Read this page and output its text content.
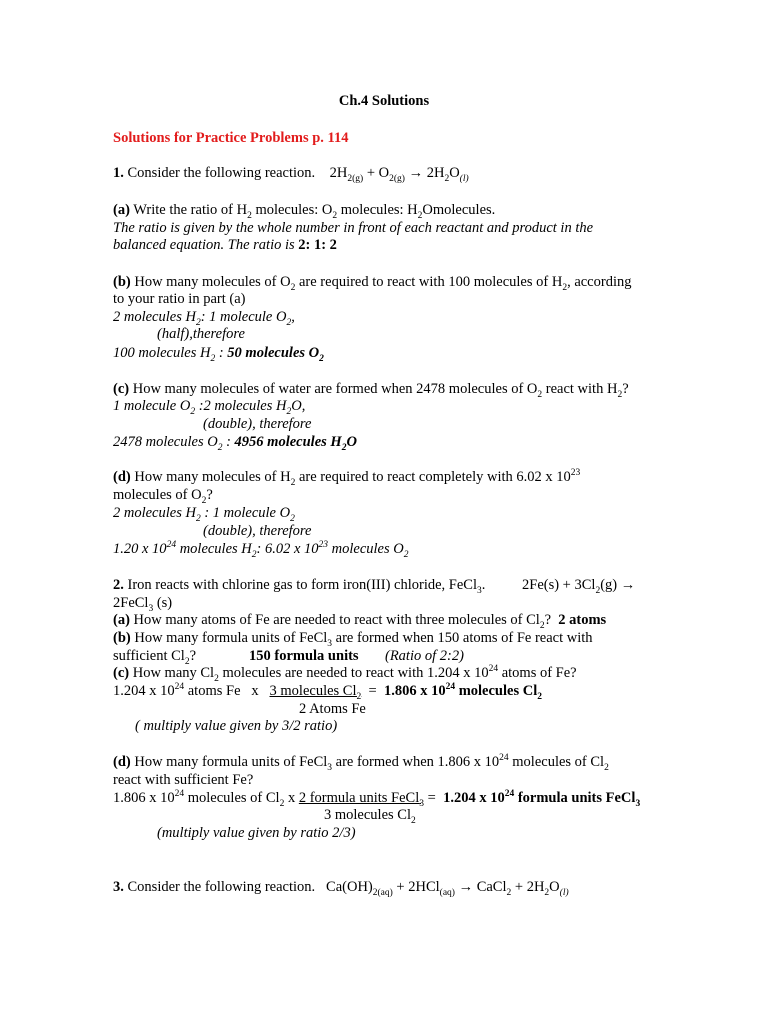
Ch.4 Solutions
Solutions for Practice Problems p. 114
1. Consider the following reaction. $2H_{2(g)} + O_{2(g)} \to 2H_2O_{(l)}$
(a) Write the ratio of $H_2$ molecules: $O_2$ molecules: $H_2Omolecules$.
The ratio is given by the whole number in front of each reactant and product in the
balanced equation. The ratio is 2: 1: 2
(b) How many molecules of $O_2$ are required to react with 100 molecules of $H_2$, according
to your ratio in part (a)
2 molecules $H_2$: 1 molecule $O_2$,
(half),therefore
100 molecules $H_2$ : 50 molecules $O_2$
(c) How many molecules of water are formed when 2478 molecules of $O_2$ react with $H_2$?
1 molecule $O_2$ :2 molecules $H_2O$,
(double), therefore
2478 molecules $O_2$ : 4956 molecules $H_2O$
(d) How many molecules of $H_2$ are required to react completely with 6.02 x $10^{23}$
molecules of $O_2$?
2 molecules $H_2$ : 1 molecule $O_2$
(double), therefore
1.20 x $10^{24}$ molecules $H_2$: 6.02 x $10^{23}$ molecules $O_2$
2. Iron reacts with chlorine gas to form iron(III) chloride, FeCl$_3$.	$2Fe(s) + 3Cl_2(g)$ →
2FeCl$_3$ (s)
(a) How many atoms of Fe are needed to react with three molecules of $Cl_2$? 2 atoms
(b) How many formula units of FeCl$_3$ are formed when 150 atoms of Fe react with
sufficient $Cl_2$?	150 formula units (Ratio of 2:2)
(c) How many $Cl_2$ molecules are needed to react with 1.204 x $10^{24}$ atoms of Fe?
1.204 x $10^{24}$ atoms Fe   x   3 molecules $Cl_2 = 1.806$ x $10^{24}$ molecules $Cl_2$
2 Atoms Fe
( multiply value given by 3/2 ratio)
(d) How many formula units of FeCl$_3$ are formed when 1.806 x $10^{24}$ molecules of $Cl_2$
react with sufficient Fe?
1.806 x $10^{24}$ molecules of $Cl_2$ x 2 formula units FeCl$_3$ =  1.204 x $10^{24}$ formula units FeCl$_3$
3 molecules $Cl_2$
(multiply value given by ratio 2/3)
3. Consider the following reaction. $Ca(OH)_{2(aq)} + 2HCl_{(aq)}$ → CaCl$_2$ + $2H_2O_{(l)}$
